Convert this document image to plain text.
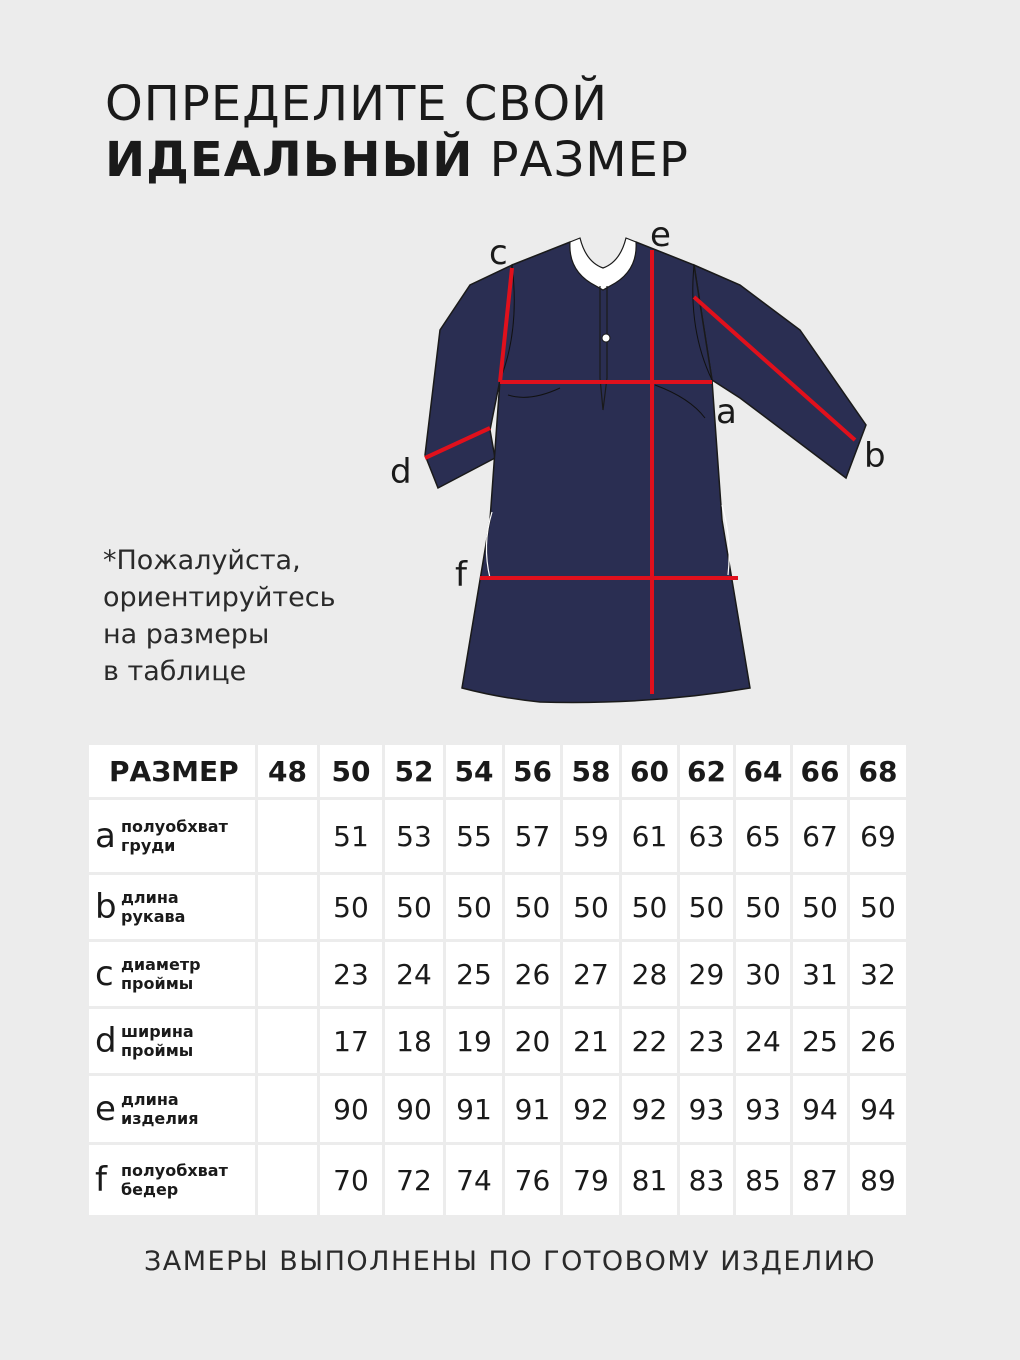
ОПРЕДЕЛИТЕ СВОЙ
ИДЕАЛЬНЫЙ РАЗМЕР
*Пожалуйста,
ориентируйтесь
на размеры
в таблице
a
b
c
d
e
f
РАЗМЕР	48	50	52	54	56	58	60	62	64	66	68
a полуобхват
груди		51	53	55	57	59	61	63	65	67	69
b длина
рукава		50	50	50	50	50	50	50	50	50	50
c диаметр
проймы		23	24	25	26	27	28	29	30	31	32
d ширина
проймы		17	18	19	20	21	22	23	24	25	26
e длина
изделия		90	90	91	91	92	92	93	93	94	94
f полуобхват
бедер		70	72	74	76	79	81	83	85	87	89
ЗАМЕРЫ ВЫПОЛНЕНЫ ПО ГОТОВОМУ ИЗДЕЛИЮ
